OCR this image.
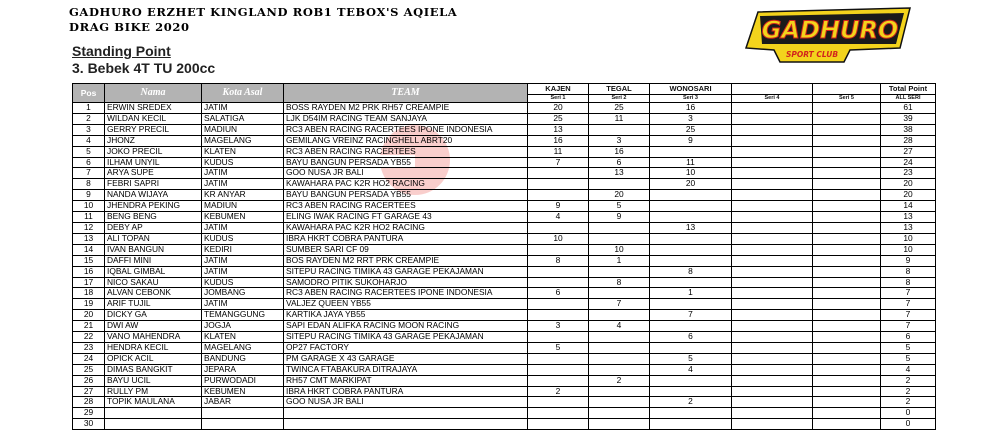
GADHURO ERZHET KINGLAND ROB1 TEBOX'S AQIELA
DRAG BIKE 2020
Standing Point
3. Bebek 4T TU 200cc
GADHURO
SPORT CLUB
Pos	Nama	Kota Asal	TEAM	KAJEN	TEGAL	WONOSARI			Total Point
				Seri 1	Seri 2	Seri 3	Seri 4	Seri 5	ALL SERI
1	ERWIN SREDEX	JATIM	BOSS RAYDEN M2 PRK RH57 CREAMPIE	20	25	16			61
2	WILDAN KECIL	SALATIGA	LJK D54IM RACING TEAM SANJAYA	25	11	3			39
3	GERRY PRECIL	MADIUN	RC3 ABEN RACING RACERTEES IPONE INDONESIA	13		25			38
4	JHONZ	MAGELANG	GEMILANG VREINZ RACINGHELL ABRT20	16	3	9			28
5	JOKO PRECIL	KLATEN	RC3 ABEN RACING RACERTEES	11	16				27
6	ILHAM UNYIL	KUDUS	BAYU BANGUN PERSADA YB55	7	6	11			24
7	ARYA SUPE	JATIM	GOO NUSA JR BALI		13	10			23
8	FEBRI SAPRI	JATIM	KAWAHARA PAC K2R HO2 RACING			20			20
9	NANDA WIJAYA	KR ANYAR	BAYU BANGUN PERSADA YB55		20				20
10	JHENDRA PEKING	MADIUN	RC3 ABEN RACING RACERTEES	9	5				14
11	BENG BENG	KEBUMEN	ELING IWAK RACING FT GARAGE 43	4	9				13
12	DEBY AP	JATIM	KAWAHARA PAC K2R HO2 RACING			13			13
13	ALI TOPAN	KUDUS	IBRA HKRT COBRA PANTURA	10					10
14	IVAN BANGUN	KEDIRI	SUMBER SARI CF 09		10				10
15	DAFFI MINI	JATIM	BOS RAYDEN M2 RRT PRK CREAMPIE	8	1				9
16	IQBAL GIMBAL	JATIM	SITEPU RACING TIMIKA 43 GARAGE PEKAJAMAN			8			8
17	NICO SAKAU	KUDUS	SAMODRO PITIK SUKOHARJO		8				8
18	ALVAN CEBONK	JOMBANG	RC3 ABEN RACING RACERTEES IPONE INDONESIA	6		1			7
19	ARIF TUJIL	JATIM	VALJEZ QUEEN YB55		7				7
20	DICKY GA	TEMANGGUNG	KARTIKA JAYA YB55			7			7
21	DWI AW	JOGJA	SAPI EDAN ALIFKA RACING MOON RACING	3	4				7
22	VANO MAHENDRA	KLATEN	SITEPU RACING TIMIKA 43 GARAGE PEKAJAMAN			6			6
23	HENDRA KECIL	MAGELANG	OP27 FACTORY	5					5
24	OPICK ACIL	BANDUNG	PM GARAGE X 43 GARAGE			5			5
25	DIMAS BANGKIT	JEPARA	TWINCA FTABAKURA DITRAJAYA			4			4
26	BAYU UCIL	PURWODADI	RH57 CMT MARKIPAT		2				2
27	RULLY PM	KEBUMEN	IBRA HKRT COBRA PANTURA	2					2
28	TOPIK MAULANA	JABAR	GOO NUSA JR BALI			2			2
29									0
30									0
